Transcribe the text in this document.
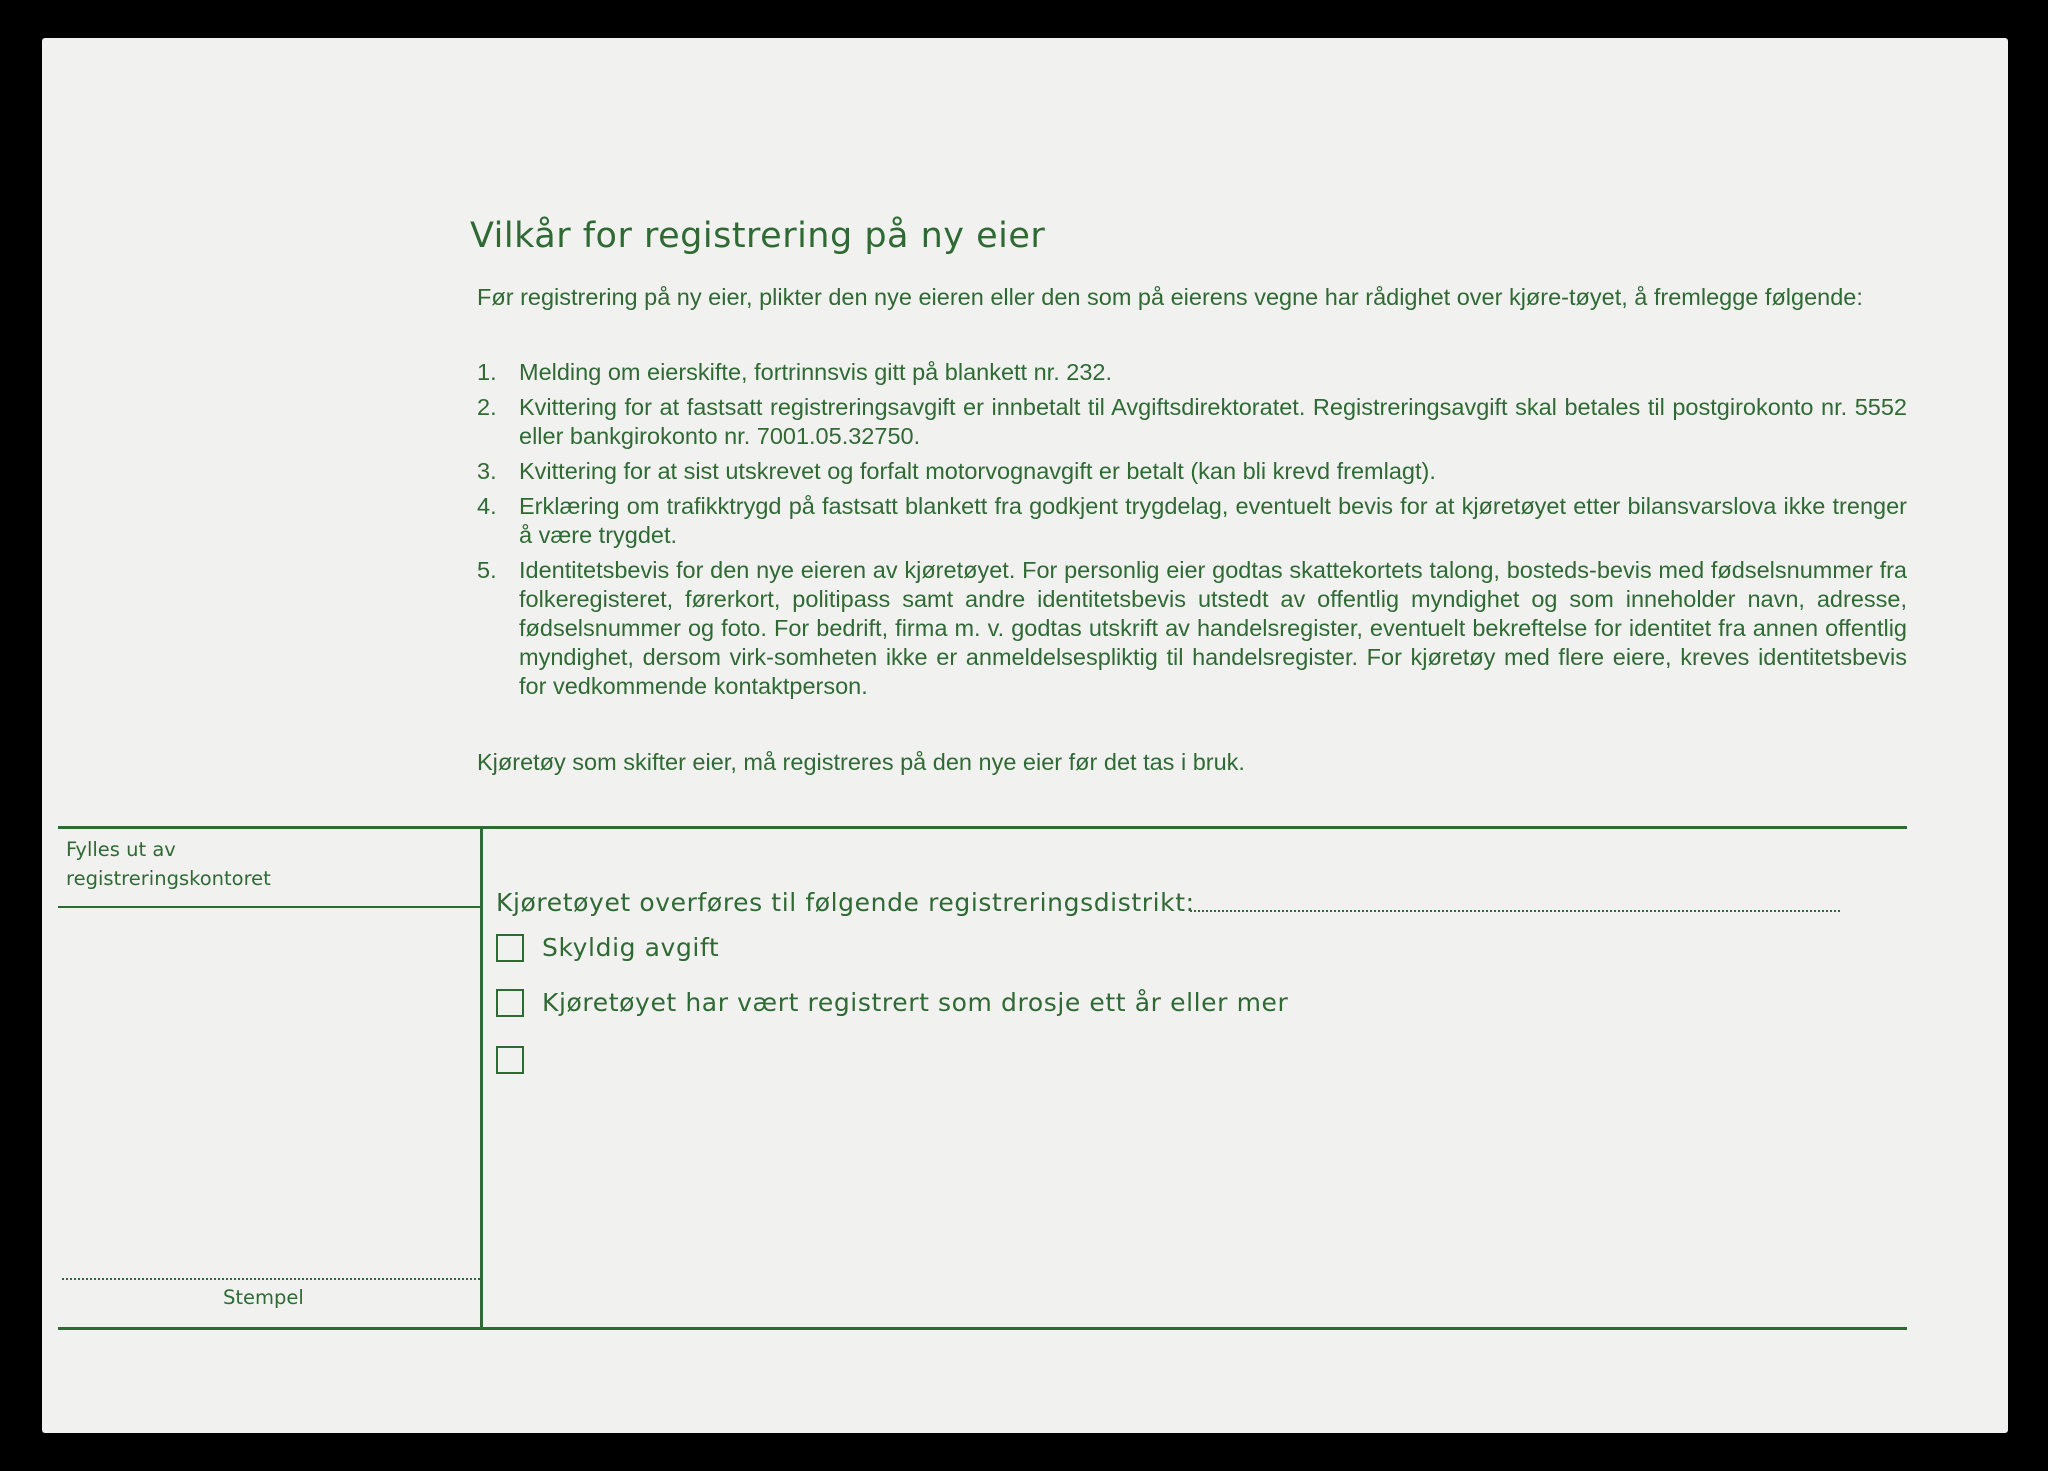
Vilkår for registrering på ny eier
Før registrering på ny eier, plikter den nye eieren eller den som på eierens vegne har rådighet over kjøre-tøyet, å fremlegge følgende:
1. Melding om eierskifte, fortrinnsvis gitt på blankett nr. 232.
2. Kvittering for at fastsatt registreringsavgift er innbetalt til Avgiftsdirektoratet. Registreringsavgift skal betales til postgirokonto nr. 5552 eller bankgirokonto nr. 7001.05.32750.
3. Kvittering for at sist utskrevet og forfalt motorvognavgift er betalt (kan bli krevd fremlagt).
4. Erklæring om trafikktrygd på fastsatt blankett fra godkjent trygdelag, eventuelt bevis for at kjøretøyet etter bilansvarslova ikke trenger å være trygdet.
5. Identitetsbevis for den nye eieren av kjøretøyet. For personlig eier godtas skattekortets talong, bosteds-bevis med fødselsnummer fra folkeregisteret, førerkort, politipass samt andre identitetsbevis utstedt av offentlig myndighet og som inneholder navn, adresse, fødselsnummer og foto. For bedrift, firma m. v. godtas utskrift av handelsregister, eventuelt bekreftelse for identitet fra annen offentlig myndighet, dersom virk-somheten ikke er anmeldelsespliktig til handelsregister. For kjøretøy med flere eiere, kreves identitetsbevis for vedkommende kontaktperson.
Kjøretøy som skifter eier, må registreres på den nye eier før det tas i bruk.
Fylles ut av
registreringskontoret
Stempel
Kjøretøyet overføres til følgende registreringsdistrikt:
Skyldig avgift
Kjøretøyet har vært registrert som drosje ett år eller mer
